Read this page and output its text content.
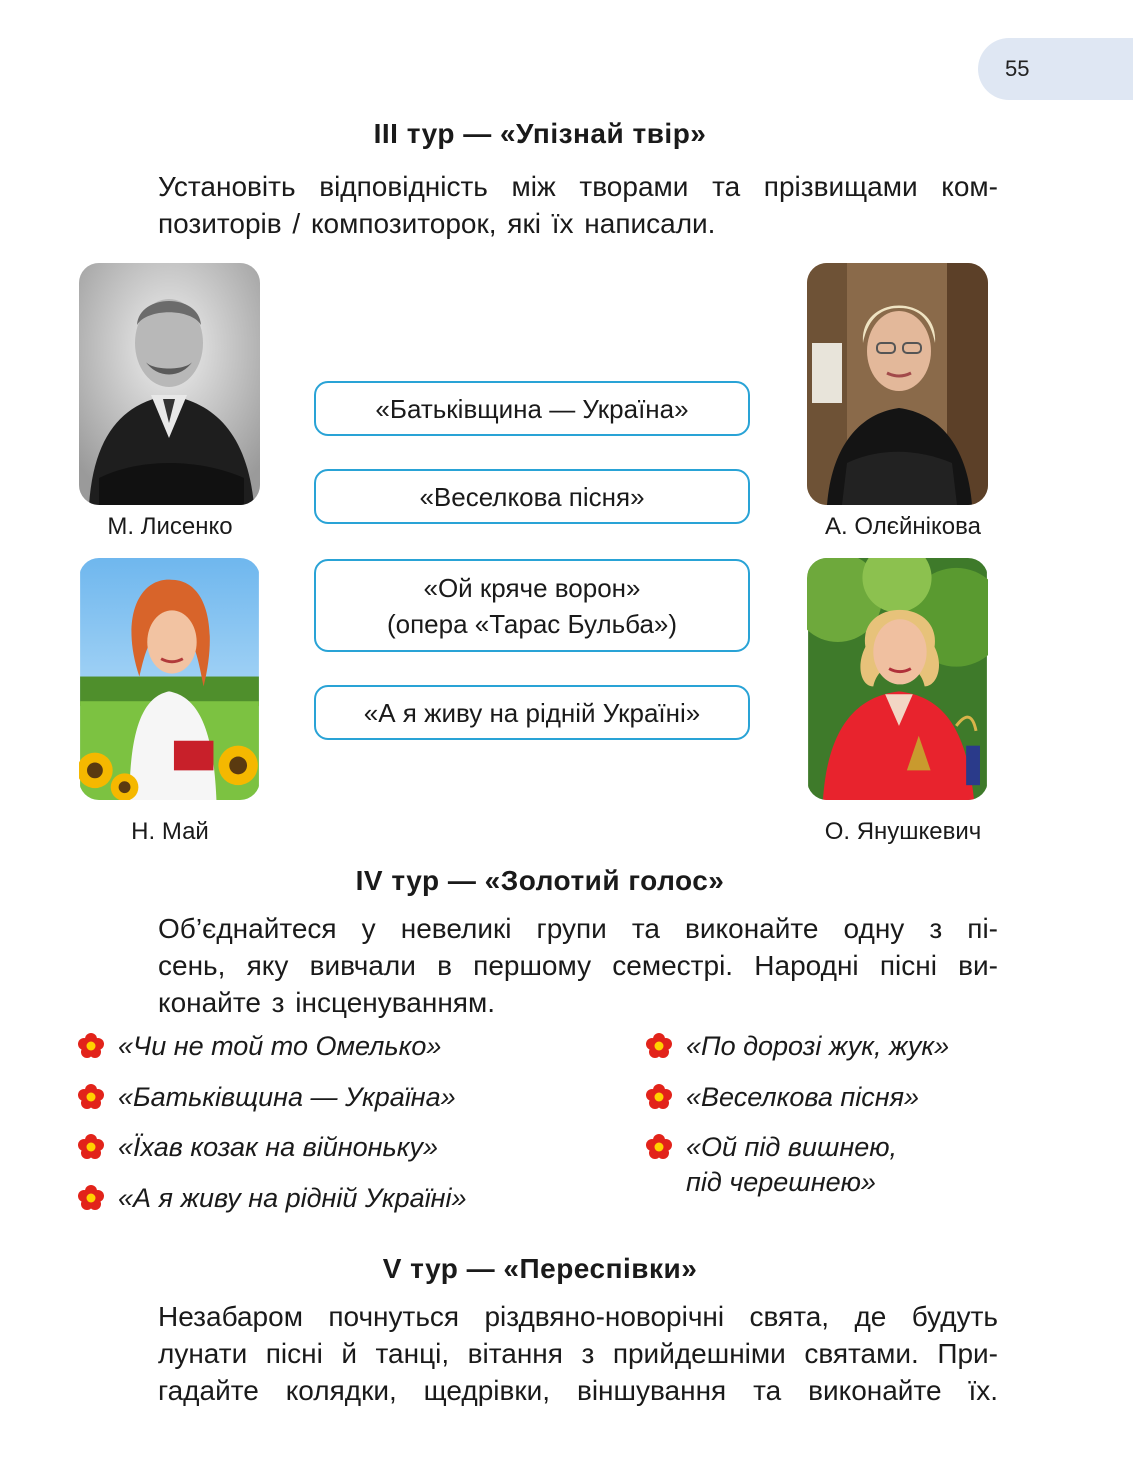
55
III тур — «Упізнай твір»
Установіть відповідність між творами та прізвищами ком-
позиторів / композиторок, які їх написали.
М. Лисенко	А. Олєйнікова
Н. Май	О. Янушкевич
«Батьківщина — Україна»
«Веселкова пісня»
«Ой кряче ворон»
(опера «Тарас Бульба»)
«А я живу на рідній Україні»
IV тур — «Золотий голос»
Об’єднайтеся у невеликі групи та виконайте одну з пі-
сень, яку вивчали в першому семестрі. Народні пісні ви-
конайте з інсценуванням.
«Чи не той то Омелько»
«Батьківщина — Україна»
«Їхав козак на війноньку»
«А я живу на рідній Україні»
«По дорозі жук, жук»
«Веселкова пісня»
«Ой під вишнею,
під черешнею»
V тур — «Переспівки»
Незабаром почнуться різдвяно-новорічні свята, де будуть
лунати пісні й танці, вітання з прийдешніми святами. При-
гадайте колядки, щедрівки, віншування та виконайте їх.
